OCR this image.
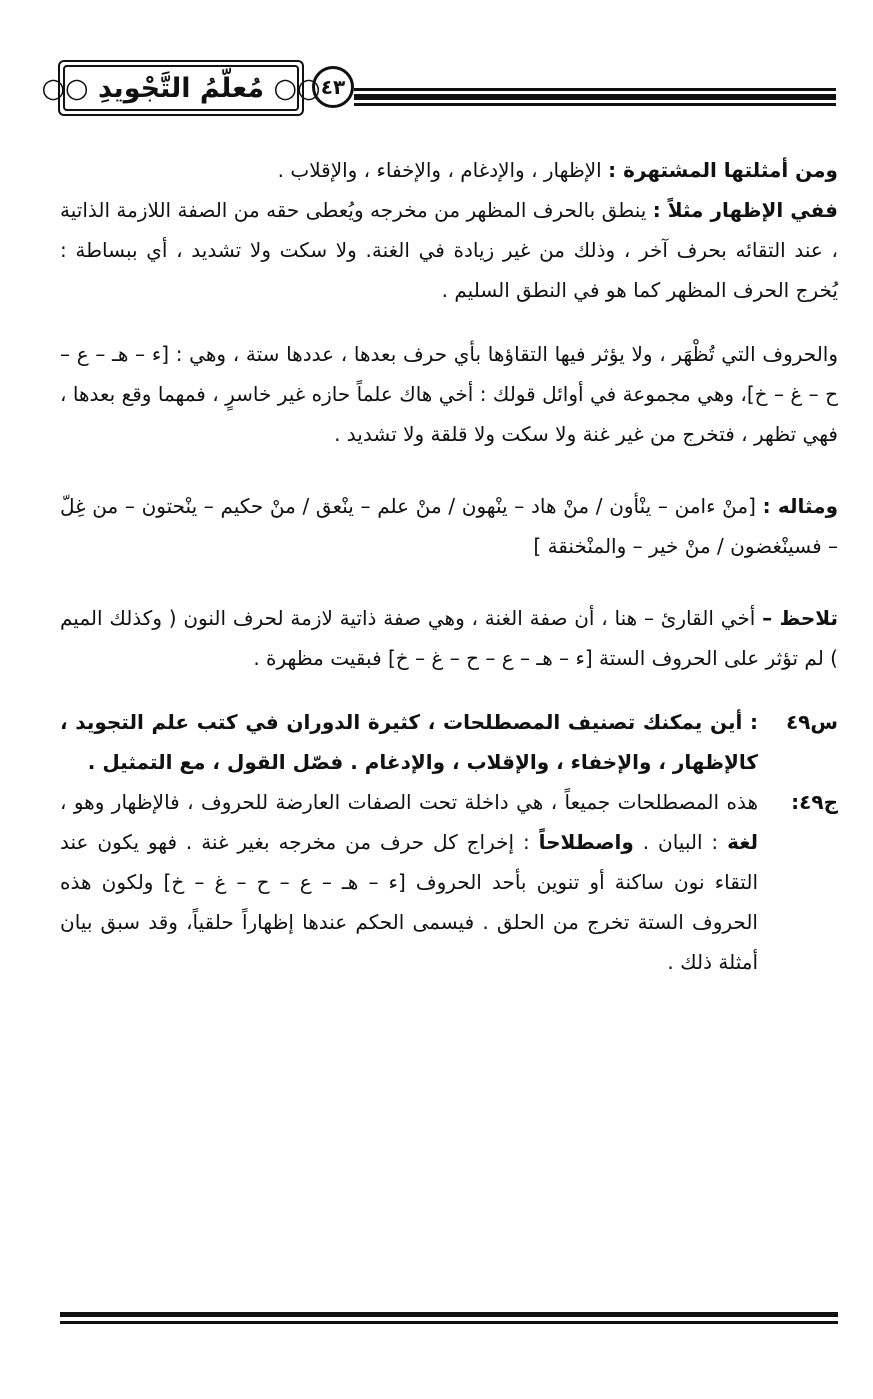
○○ مُعلّمُ التَّجْويدِ ○○ ٤٣

ومن أمثلتها المشتهرة : الإظهار ، والإدغام ، والإخفاء ، والإقلاب .

ففي الإظهار مثلاً : ينطق بالحرف المظهر من مخرجه ويُعطى حقه من الصفة اللازمة الذاتية ، عند التقائه بحرف آخر ، وذلك من غير زيادة في الغنة. ولا سكت ولا تشديد ، أي ببساطة : يُخرج الحرف المظهر كما هو في النطق السليم .

والحروف التي تُظْهَر ، ولا يؤثر فيها التقاؤها بأي حرف بعدها ، عددها ستة ، وهي : [ء – هـ – ع – ح – غ – خ]، وهي مجموعة في أوائل قولك : أخي هاك علماً حازه غير خاسرٍ ، فمهما وقع بعدها ، فهي تظهر ، فتخرج من غير غنة ولا سكت ولا قلقة ولا تشديد .

ومثاله : [منْ ءامن – ينْأون / منْ هاد – ينْهون / منْ علم – ينْعق / منْ حكيم – ينْحتون – من غِلّ – فسينْغضون / منْ خير – والمنْخنقة ]

تلاحظ – أخي القارئ – هنا ، أن صفة الغنة ، وهي صفة ذاتية لازمة لحرف النون ( وكذلك الميم ) لم تؤثر على الحروف الستة [ء – هـ – ع – ح – غ – خ] فبقيت مظهرة .

س٤٩
: أين يمكنك تصنيف المصطلحات ، كثيرة الدوران في كتب علم التجويد ، كالإظهار ، والإخفاء ، والإقلاب ، والإدغام . فصّل القول ، مع التمثيل .
ج٤٩:
هذه المصطلحات جميعاً ، هي داخلة تحت الصفات العارضة للحروف ، فالإظهار وهو ، لغة : البيان . واصطلاحاً : إخراج كل حرف من مخرجه بغير غنة . فهو يكون عند التقاء نون ساكنة أو تنوين بأحد الحروف [ء – هـ – ع – ح – غ – خ] ولكون هذه الحروف الستة تخرج من الحلق . فيسمى الحكم عندها إظهاراً حلقياً، وقد سبق بيان أمثلة ذلك .
